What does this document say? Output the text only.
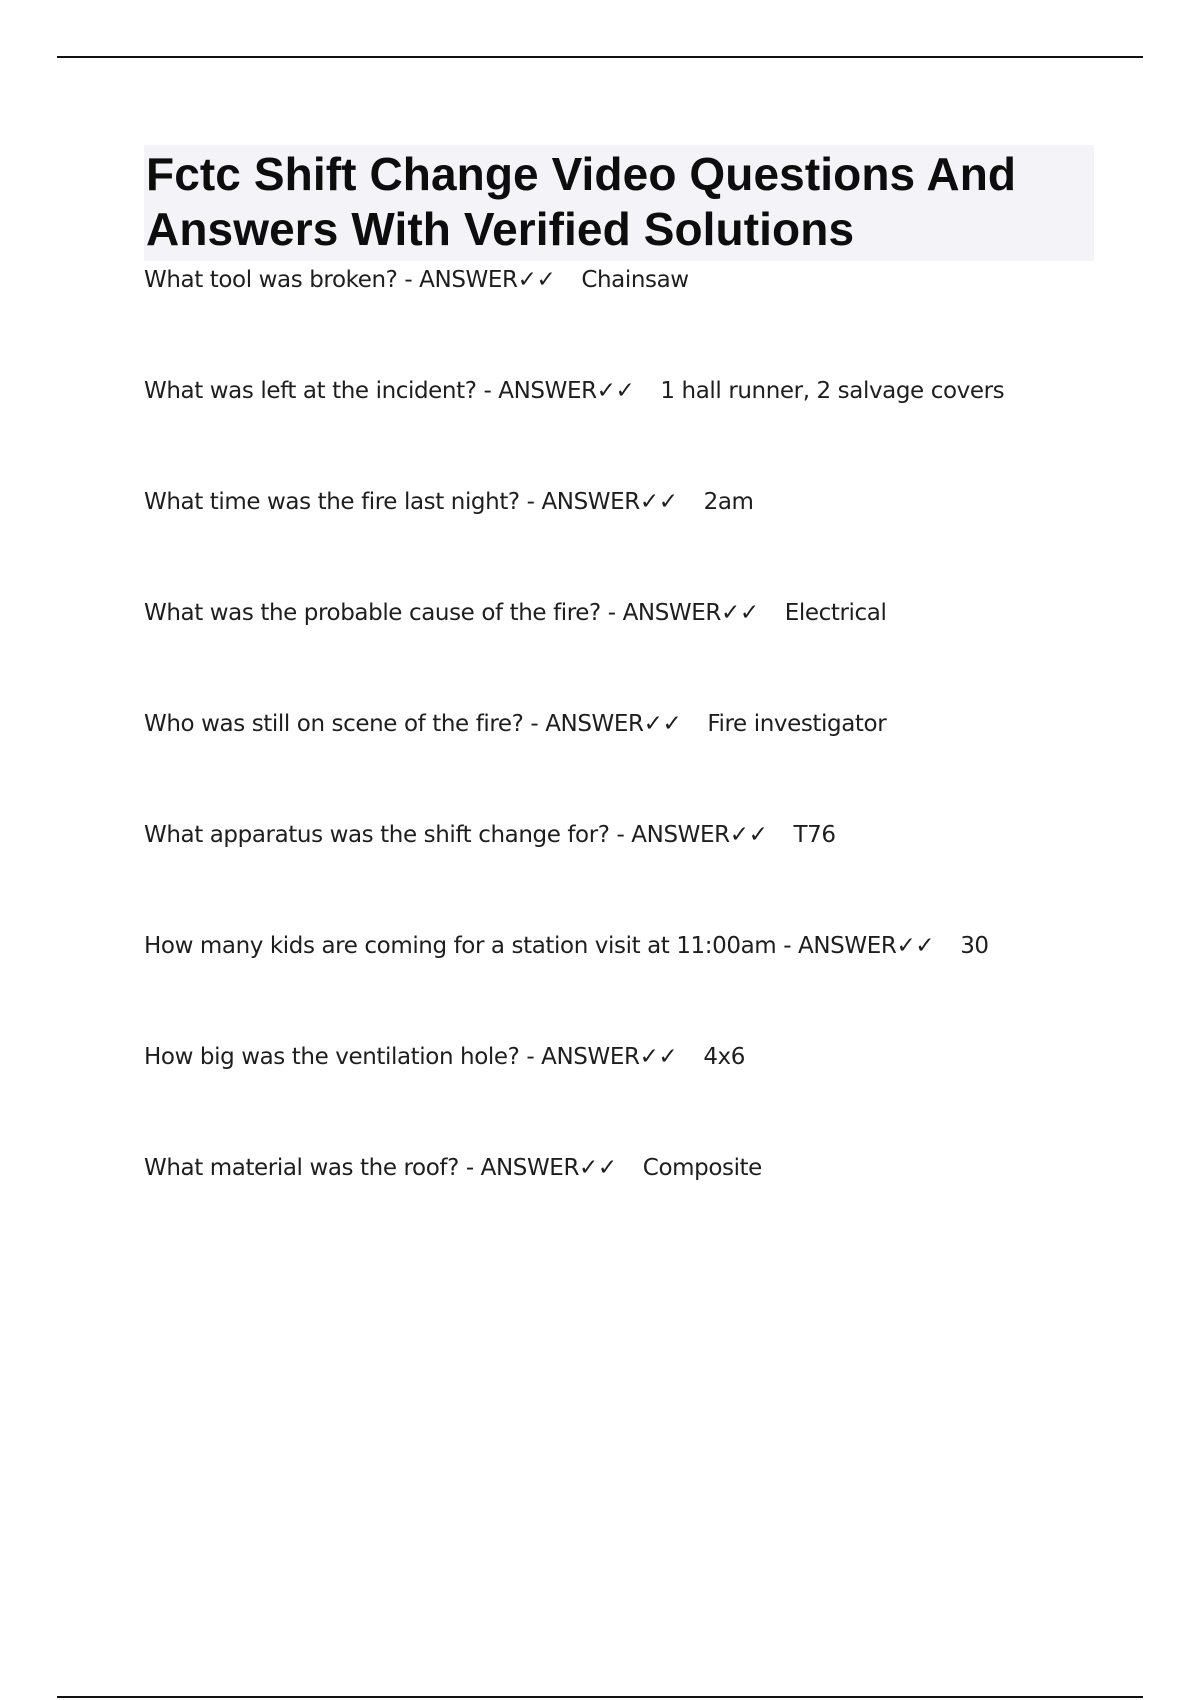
Fctc Shift Change Video Questions And Answers With Verified Solutions
What tool was broken? - ANSWER✓✓ Chainsaw
What was left at the incident? - ANSWER✓✓ 1 hall runner, 2 salvage covers
What time was the fire last night? - ANSWER✓✓ 2am
What was the probable cause of the fire? - ANSWER✓✓ Electrical
Who was still on scene of the fire? - ANSWER✓✓ Fire investigator
What apparatus was the shift change for? - ANSWER✓✓ T76
How many kids are coming for a station visit at 11:00am - ANSWER✓✓ 30
How big was the ventilation hole? - ANSWER✓✓ 4x6
What material was the roof? - ANSWER✓✓ Composite
